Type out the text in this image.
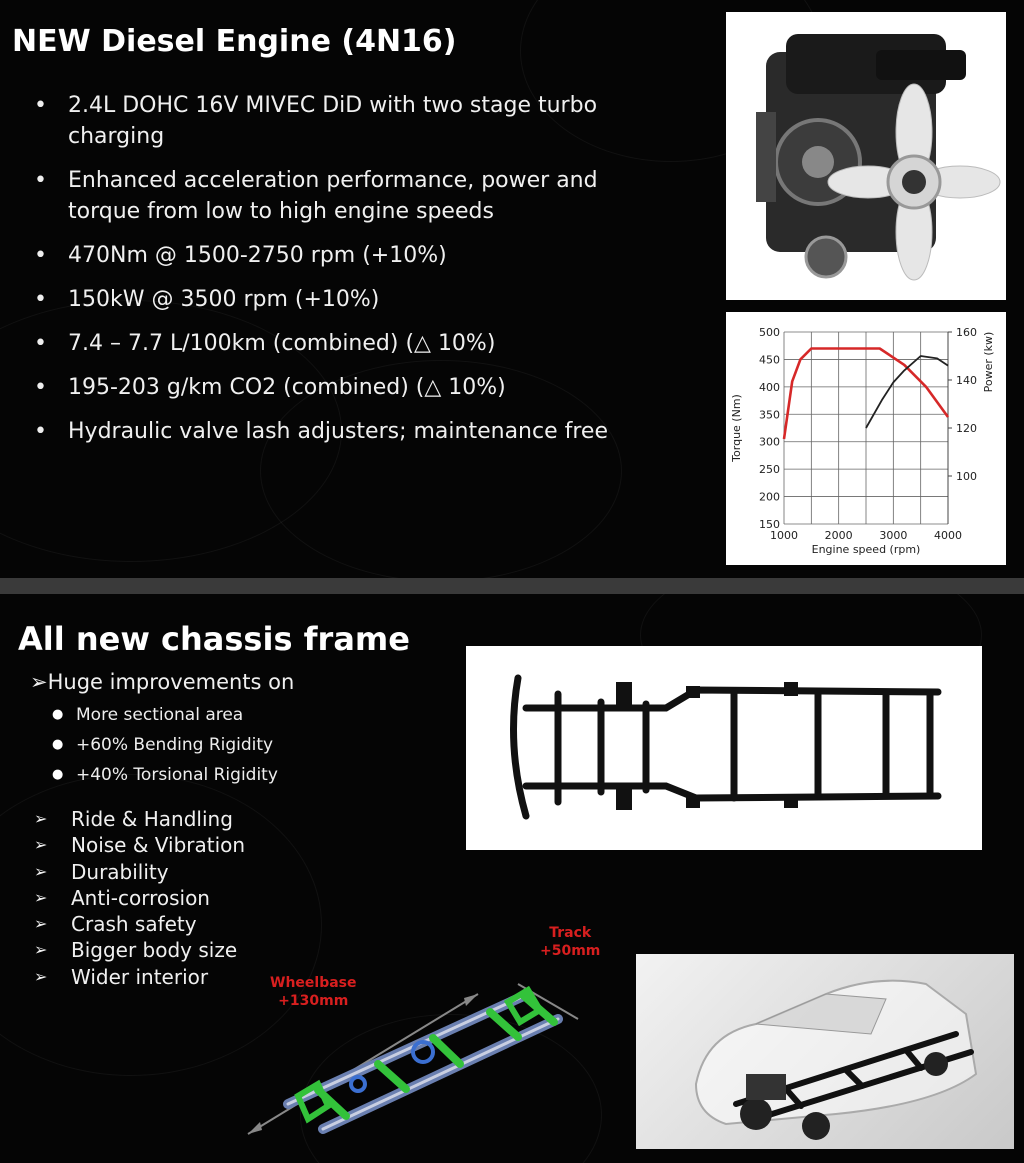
NEW Diesel Engine (4N16)
• 2.4L DOHC 16V MIVEC DiD with two stage turbo charging
• Enhanced acceleration performance, power and torque from low to high engine speeds
• 470Nm @ 1500-2750 rpm (+10%)
• 150kW @ 3500 rpm (+10%)
• 7.4 – 7.7 L/100km (combined) (△ 10%)
• 195-203 g/km CO2 (combined) (△ 10%)
• Hydraulic valve lash adjusters; maintenance free
500
450
400
350
300
250
200
150
1000 2000 3000 4000
160
140
120
100
Engine speed (rpm)
Torque (Nm)
Power (kw)
All new chassis frame
➢Huge improvements on
● More sectional area
● +60% Bending Rigidity
● +40% Torsional Rigidity
➢ Ride & Handling
➢ Noise & Vibration
➢ Durability
➢ Anti-corrosion
➢ Crash safety
➢ Bigger body size
➢ Wider interior	Wheelbase
+130mm
Track
+50mm
